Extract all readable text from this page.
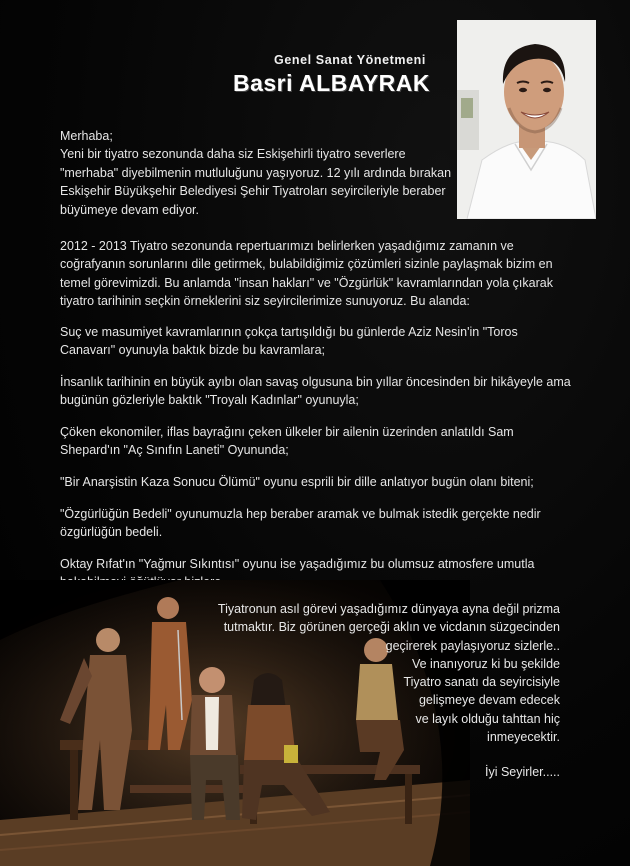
Genel Sanat Yönetmeni
Basri ALBAYRAK
Merhaba;
Yeni bir tiyatro sezonunda daha siz Eskişehirli tiyatro severlere "merhaba" diyebilmenin mutluluğunu yaşıyoruz. 12 yılı ardında bırakan Eskişehir Büyükşehir Belediyesi Şehir Tiyatroları seyircileriyle beraber büyümeye devam ediyor.
2012 - 2013 Tiyatro sezonunda repertuarımızı belirlerken yaşadığımız zamanın ve coğrafyanın sorunlarını dile getirmek, bulabildiğimiz çözümleri sizinle paylaşmak bizim en temel görevimizdi. Bu anlamda "insan hakları" ve "Özgürlük" kavramlarından yola çıkarak tiyatro tarihinin seçkin örneklerini siz seyircilerimize sunuyoruz. Bu alanda:
Suç ve masumiyet kavramlarının çokça tartışıldığı bu günlerde Aziz Nesin'in "Toros Canavarı" oyunuyla baktık bizde bu kavramlara;
İnsanlık tarihinin en büyük ayıbı olan savaş olgusuna bin yıllar öncesinden bir hikâyeyle ama bugünün gözleriyle baktık "Troyalı Kadınlar" oyunuyla;
Çöken ekonomiler, iflas bayrağını çeken ülkeler bir ailenin üzerinden anlatıldı Sam Shepard'ın "Aç Sınıfın Laneti" Oyununda;
"Bir Anarşistin Kaza Sonucu Ölümü" oyunu esprili bir dille anlatıyor bugün olanı biteni;
"Özgürlüğün Bedeli" oyunumuzla hep beraber aramak ve bulmak istedik gerçekte nedir özgürlüğün bedeli.
Oktay Rıfat'ın "Yağmur Sıkıntısı" oyunu ise yaşadığımız bu olumsuz atmosfere umutla
Tiyatronun asıl görevi yaşadığımız dünyaya ayna değil prizma
tutmaktır. Biz görünen gerçeği aklın ve vicdanın süzgecinden
geçirerek paylaşıyoruz sizlerle..
Ve inanıyoruz ki bu şekilde
Tiyatro sanatı da seyircisiyle
gelişmeye devam edecek
ve layık olduğu tahttan hiç
inmeyecektir.
İyi Seyirler.....
